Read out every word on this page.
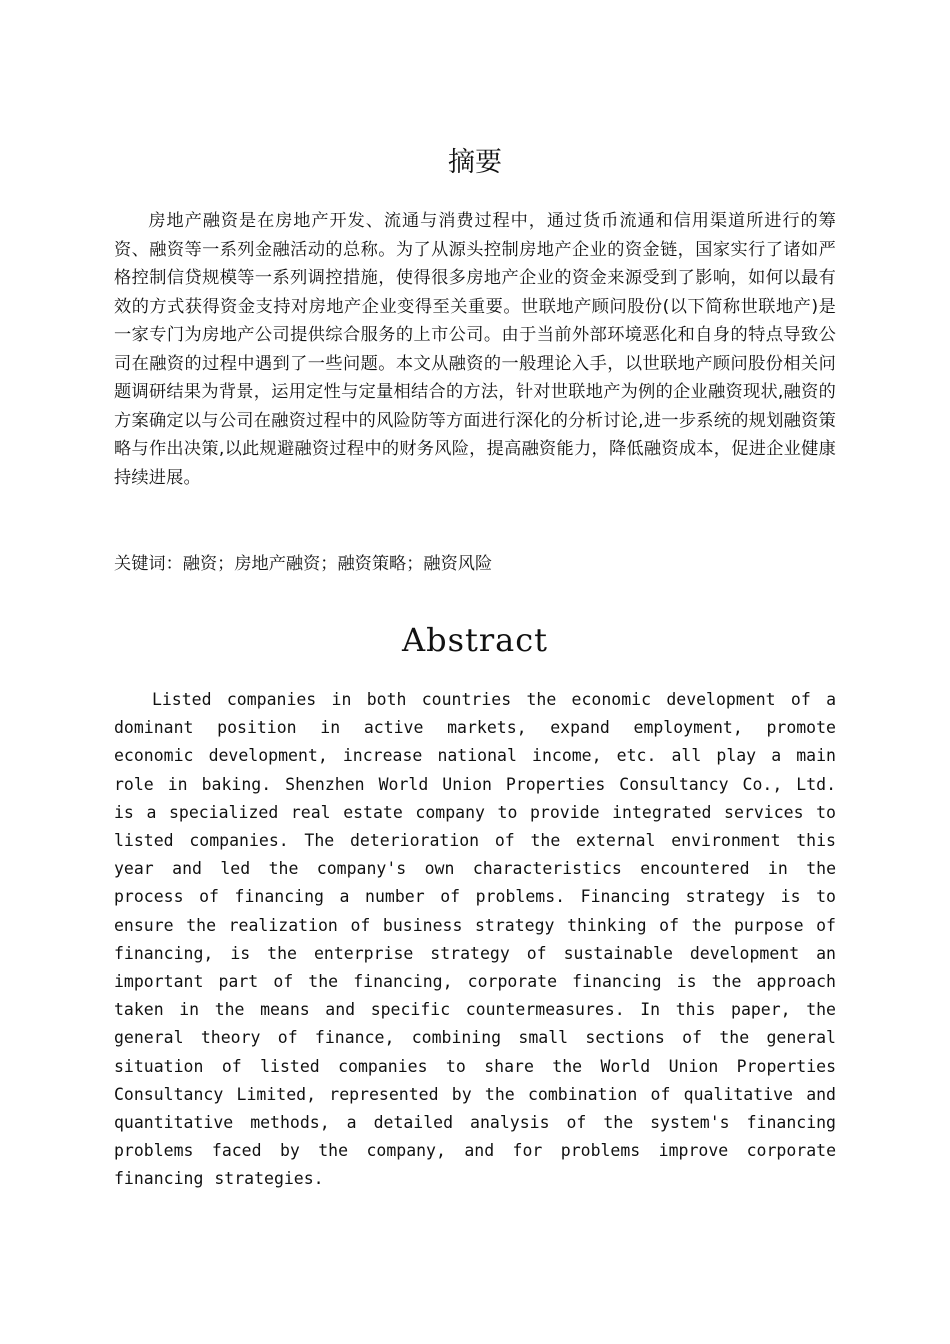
摘要

房地产融资是在房地产开发、流通与消费过程中，通过货币流通和信用渠道所进行的筹资、融资等一系列金融活动的总称。为了从源头控制房地产企业的资金链，国家实行了诸如严格控制信贷规模等一系列调控措施，使得很多房地产企业的资金来源受到了影响，如何以最有效的方式获得资金支持对房地产企业变得至关重要。世联地产顾问股份(以下简称世联地产)是一家专门为房地产公司提供综合服务的上市公司。由于当前外部环境恶化和自身的特点导致公司在融资的过程中遇到了一些问题。本文从融资的一般理论入手，以世联地产顾问股份相关问题调研结果为背景，运用定性与定量相结合的方法，针对世联地产为例的企业融资现状,融资的方案确定以与公司在融资过程中的风险防等方面进行深化的分析讨论,进一步系统的规划融资策略与作出决策,以此规避融资过程中的财务风险，提高融资能力，降低融资成本，促进企业健康持续进展。

关键词：融资；房地产融资；融资策略；融资风险

Abstract

Listed companies in both countries the economic development of a dominant position in active markets, expand employment, promote economic development, increase national income, etc. all play a main role in baking. Shenzhen World Union Properties Consultancy Co., Ltd. is a specialized real estate company to provide integrated services to listed companies. The deterioration of the external environment this year and led the company's own characteristics encountered in the process of financing a number of problems. Financing strategy is to ensure the realization of business strategy thinking of the purpose of financing, is the enterprise strategy of sustainable development an important part of the financing, corporate financing is the approach taken in the means and specific countermeasures. In this paper, the general theory of finance, combining small sections of the general situation of listed companies to share the World Union Properties Consultancy Limited, represented by the combination of qualitative and quantitative methods, a detailed analysis of the system's financing problems faced by the company, and for problems improve corporate financing strategies.
